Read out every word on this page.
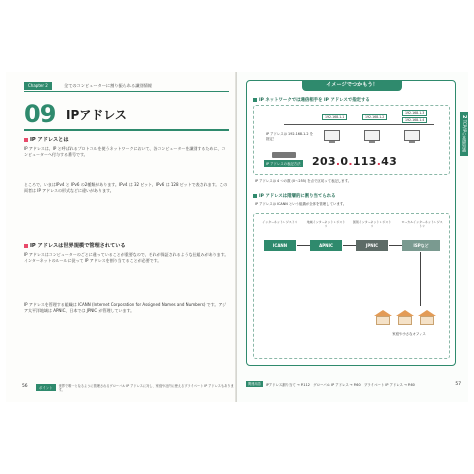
Chapter 2	全てのコンピューターに割り振られる識別情報
09 IPアドレス
IP アドレスとは
IP アドレスは、IP と呼ばれるプロトコルを使うネットワークにおいて、各コンピューターを識別するために、コンピューターへ付与する番号です。
ところで、いまはIPv4 と IPv6 の2種類があります。IPv4 は 32 ビット、IPv6 は 128 ビットで表されます。この両者は IP アドレスの形式などに違いがあります。
IP アドレスは世界規模で管理されている
IP アドレスはコンピューターのごとに違っていることが重要なので、それが保証されるような仕組みがあります。インターネットのルールに従って IP アドレスを割り当てることが必要です。
IP アドレスを管理する組織は ICANN (Internet Corporation for Assigned Names and Numbers) です。アジア太平洋地域は APNIC、日本では JPNIC が管理しています。
56	ポイント	世界で唯一となるように管理されるグローバル IP アドレスに対し、家庭や社内に使えるプライベート IP アドレスもあります。
2 TCP/IPの基礎知識
イメージでつかもう！
IP ネットワークでは通信相手を IP アドレスで指定する
192.168.1.1	192.168.1.2
192.168.1.3
192.168.1.4
IP アドレスは 192.168.1.2 を指定！
IP アドレスの表記方法 203.0.113.43
IP アドレスは 4 つの数 (0〜255) を点で区切って表記します。
IP アドレスは階層的に割り当てられる
IP アドレスは ICANN という組織が全体を管理しています。
インターネットレジストリ	地域インターネットレジストリ
国別インターネットレジストリ
ローカルインターネットレジストリ
ICANN	APNIC	JPNIC	ISPなど
家庭や小さなオフィス
関連用語	IPアドレス割り当て → P.112　グローバル IP アドレス → P.60　プライベート IP アドレス → P.60	57
